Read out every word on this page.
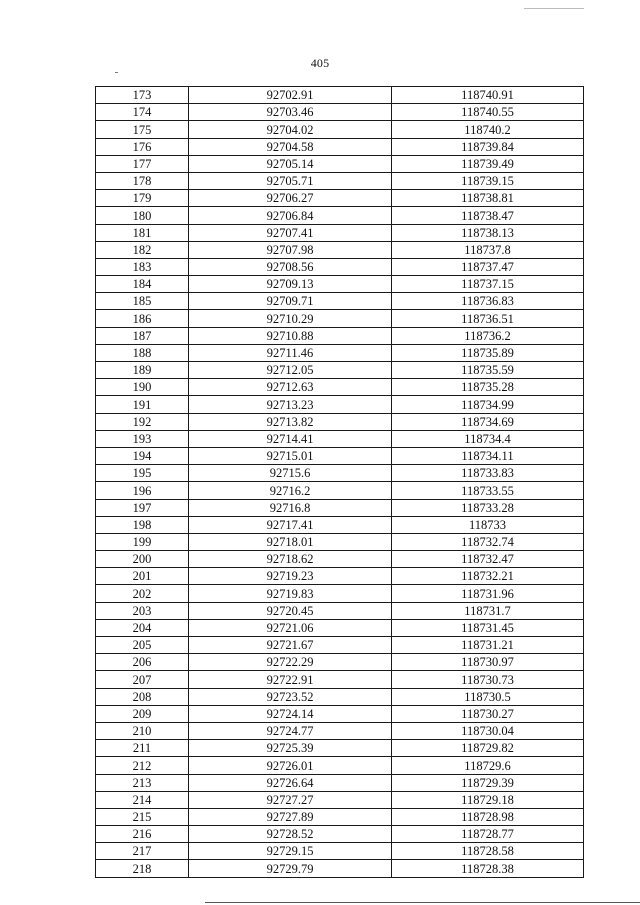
405
173	92702.91	118740.91
174	92703.46	118740.55
175	92704.02	118740.2
176	92704.58	118739.84
177	92705.14	118739.49
178	92705.71	118739.15
179	92706.27	118738.81
180	92706.84	118738.47
181	92707.41	118738.13
182	92707.98	118737.8
183	92708.56	118737.47
184	92709.13	118737.15
185	92709.71	118736.83
186	92710.29	118736.51
187	92710.88	118736.2
188	92711.46	118735.89
189	92712.05	118735.59
190	92712.63	118735.28
191	92713.23	118734.99
192	92713.82	118734.69
193	92714.41	118734.4
194	92715.01	118734.11
195	92715.6	118733.83
196	92716.2	118733.55
197	92716.8	118733.28
198	92717.41	118733
199	92718.01	118732.74
200	92718.62	118732.47
201	92719.23	118732.21
202	92719.83	118731.96
203	92720.45	118731.7
204	92721.06	118731.45
205	92721.67	118731.21
206	92722.29	118730.97
207	92722.91	118730.73
208	92723.52	118730.5
209	92724.14	118730.27
210	92724.77	118730.04
211	92725.39	118729.82
212	92726.01	118729.6
213	92726.64	118729.39
214	92727.27	118729.18
215	92727.89	118728.98
216	92728.52	118728.77
217	92729.15	118728.58
218	92729.79	118728.38
